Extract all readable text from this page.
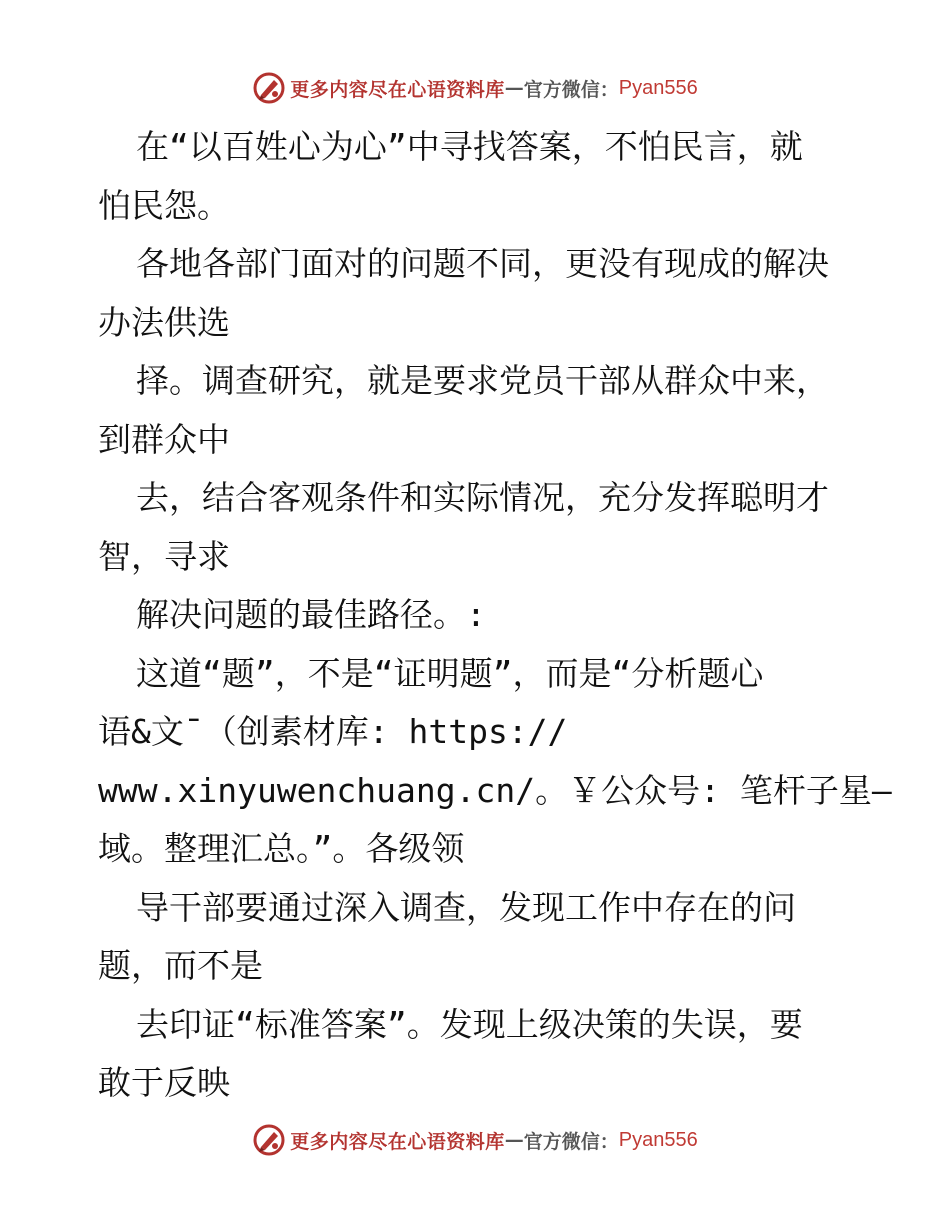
更多内容尽在心语资料库 — 官方微信： Pyan556
在“以百姓心为心”中寻找答案，不怕民言，就
怕民怨。
各地各部门面对的问题不同，更没有现成的解决
办法供选
择。调查研究，就是要求党员干部从群众中来，
到群众中
去，结合客观条件和实际情况，充分发挥聪明才
智，寻求
解决问题的最佳路径。:
这道“题”，不是“证明题”，而是“分析题心
语&文¯（创素材库: https://
www.xinyuwenchuang.cn/。￥公众号: 笔杆子星—
域。整理汇总。”。各级领
导干部要通过深入调查，发现工作中存在的问
题，而不是
去印证“标准答案”。发现上级决策的失误，要
敢于反映
更多内容尽在心语资料库 — 官方微信： Pyan556
